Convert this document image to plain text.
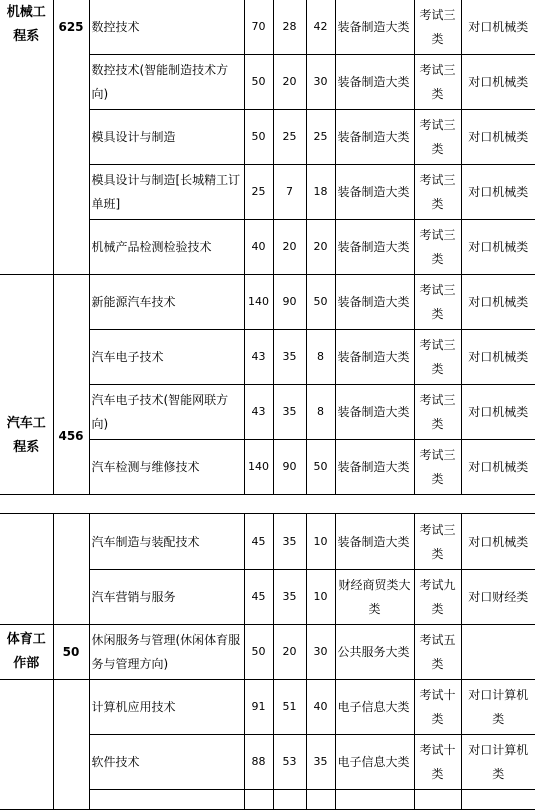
机械工程系	625	数控技术	70	28	42	装备制造大类	考试三类	对口机械类
		数控技术(智能制造技术方向)	50	20	30	装备制造大类	考试三类	对口机械类
		模具设计与制造	50	25	25	装备制造大类	考试三类	对口机械类
		模具设计与制造[长城精工订单班]	25	7	18	装备制造大类	考试三类	对口机械类
		机械产品检测检验技术	40	20	20	装备制造大类	考试三类	对口机械类
汽车工程系	456	新能源汽车技术	140	90	50	装备制造大类	考试三类	对口机械类
		汽车电子技术	43	35	8	装备制造大类	考试三类	对口机械类
		汽车电子技术(智能网联方向)	43	35	8	装备制造大类	考试三类	对口机械类
		汽车检测与维修技术	140	90	50	装备制造大类	考试三类	对口机械类
		汽车制造与装配技术	45	35	10	装备制造大类	考试三类	对口机械类
		汽车营销与服务	45	35	10	财经商贸类大类	考试九类	对口财经类
体育工作部	50	休闲服务与管理(休闲体育服务与管理方向)	50	20	30	公共服务大类	考试五类	
		计算机应用技术	91	51	40	电子信息大类	考试十类	对口计算机类
		软件技术	88	53	35	电子信息大类	考试十类	对口计算机类
